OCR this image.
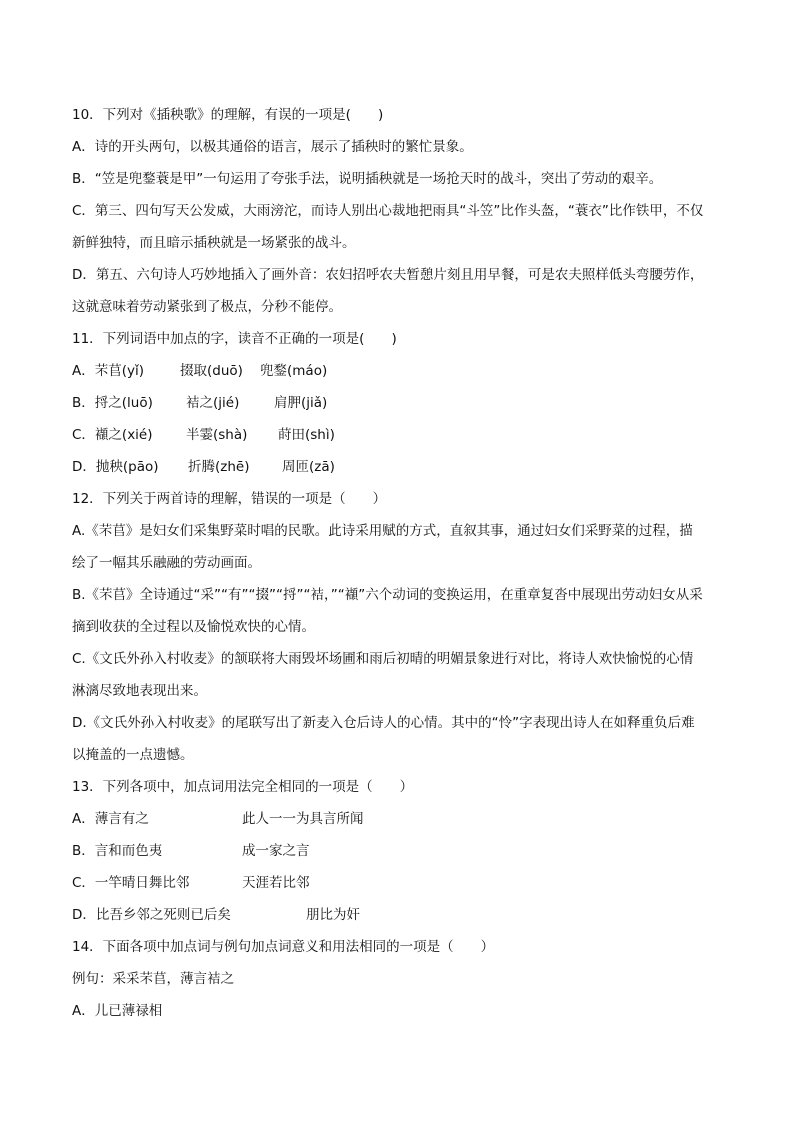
10．下列对《插秧歌》的理解，有误的一项是(　　)
A．诗的开头两句，以极其通俗的语言，展示了插秧时的繁忙景象。
B．“笠是兜鍪蓑是甲”一句运用了夸张手法，说明插秧就是一场抢天时的战斗，突出了劳动的艰辛。
C．第三、四句写天公发威，大雨滂沱，而诗人别出心裁地把雨具“斗笠”比作头盔，“蓑衣”比作铁甲，不仅
新鲜独特，而且暗示插秧就是一场紧张的战斗。
D．第五、六句诗人巧妙地插入了画外音：农妇招呼农夫暂憩片刻且用早餐，可是农夫照样低头弯腰劳作，
这就意味着劳动紧张到了极点，分秒不能停。
11．下列词语中加点的字，读音不正确的一项是(　　)
A．芣苢(yǐ)	掇取(duō) 兜鍪(máo)
B．捋之(luō) 袺之(jié)	肩胛(jiǎ)
C．襭之(xié) 半霎(shà) 莳田(shì)
D．抛秧(pāo) 折腾(zhē) 周匝(zā)
12．下列关于两首诗的理解，错误的一项是（　　）
A.《芣苢》是妇女们采集野菜时唱的民歌。此诗采用赋的方式，直叙其事，通过妇女们采野菜的过程，描
绘了一幅其乐融融的劳动画面。
B.《芣苢》全诗通过“采”“有”“掇”“捋”“袺，”“襭”六个动词的变换运用，在重章复沓中展现出劳动妇女从采
摘到收获的全过程以及愉悦欢快的心情。
C.《文氏外孙入村收麦》的颔联将大雨毁坏场圃和雨后初晴的明媚景象进行对比，将诗人欢快愉悦的心情
淋漓尽致地表现出来。
D.《文氏外孙入村收麦》的尾联写出了新麦入仓后诗人的心情。其中的“怜”字表现出诗人在如释重负后难
以掩盖的一点遗憾。
13．下列各项中，加点词用法完全相同的一项是（　　）
A．薄言有之	此人一一为具言所闻
B．言和而色夷	成一家之言
C．一竿晴日舞比邻	天涯若比邻
D．比吾乡邻之死则已后矣	朋比为奸
14．下面各项中加点词与例句加点词意义和用法相同的一项是（　　）
例句：采采芣苢，薄言袺之
A．儿已薄禄相
